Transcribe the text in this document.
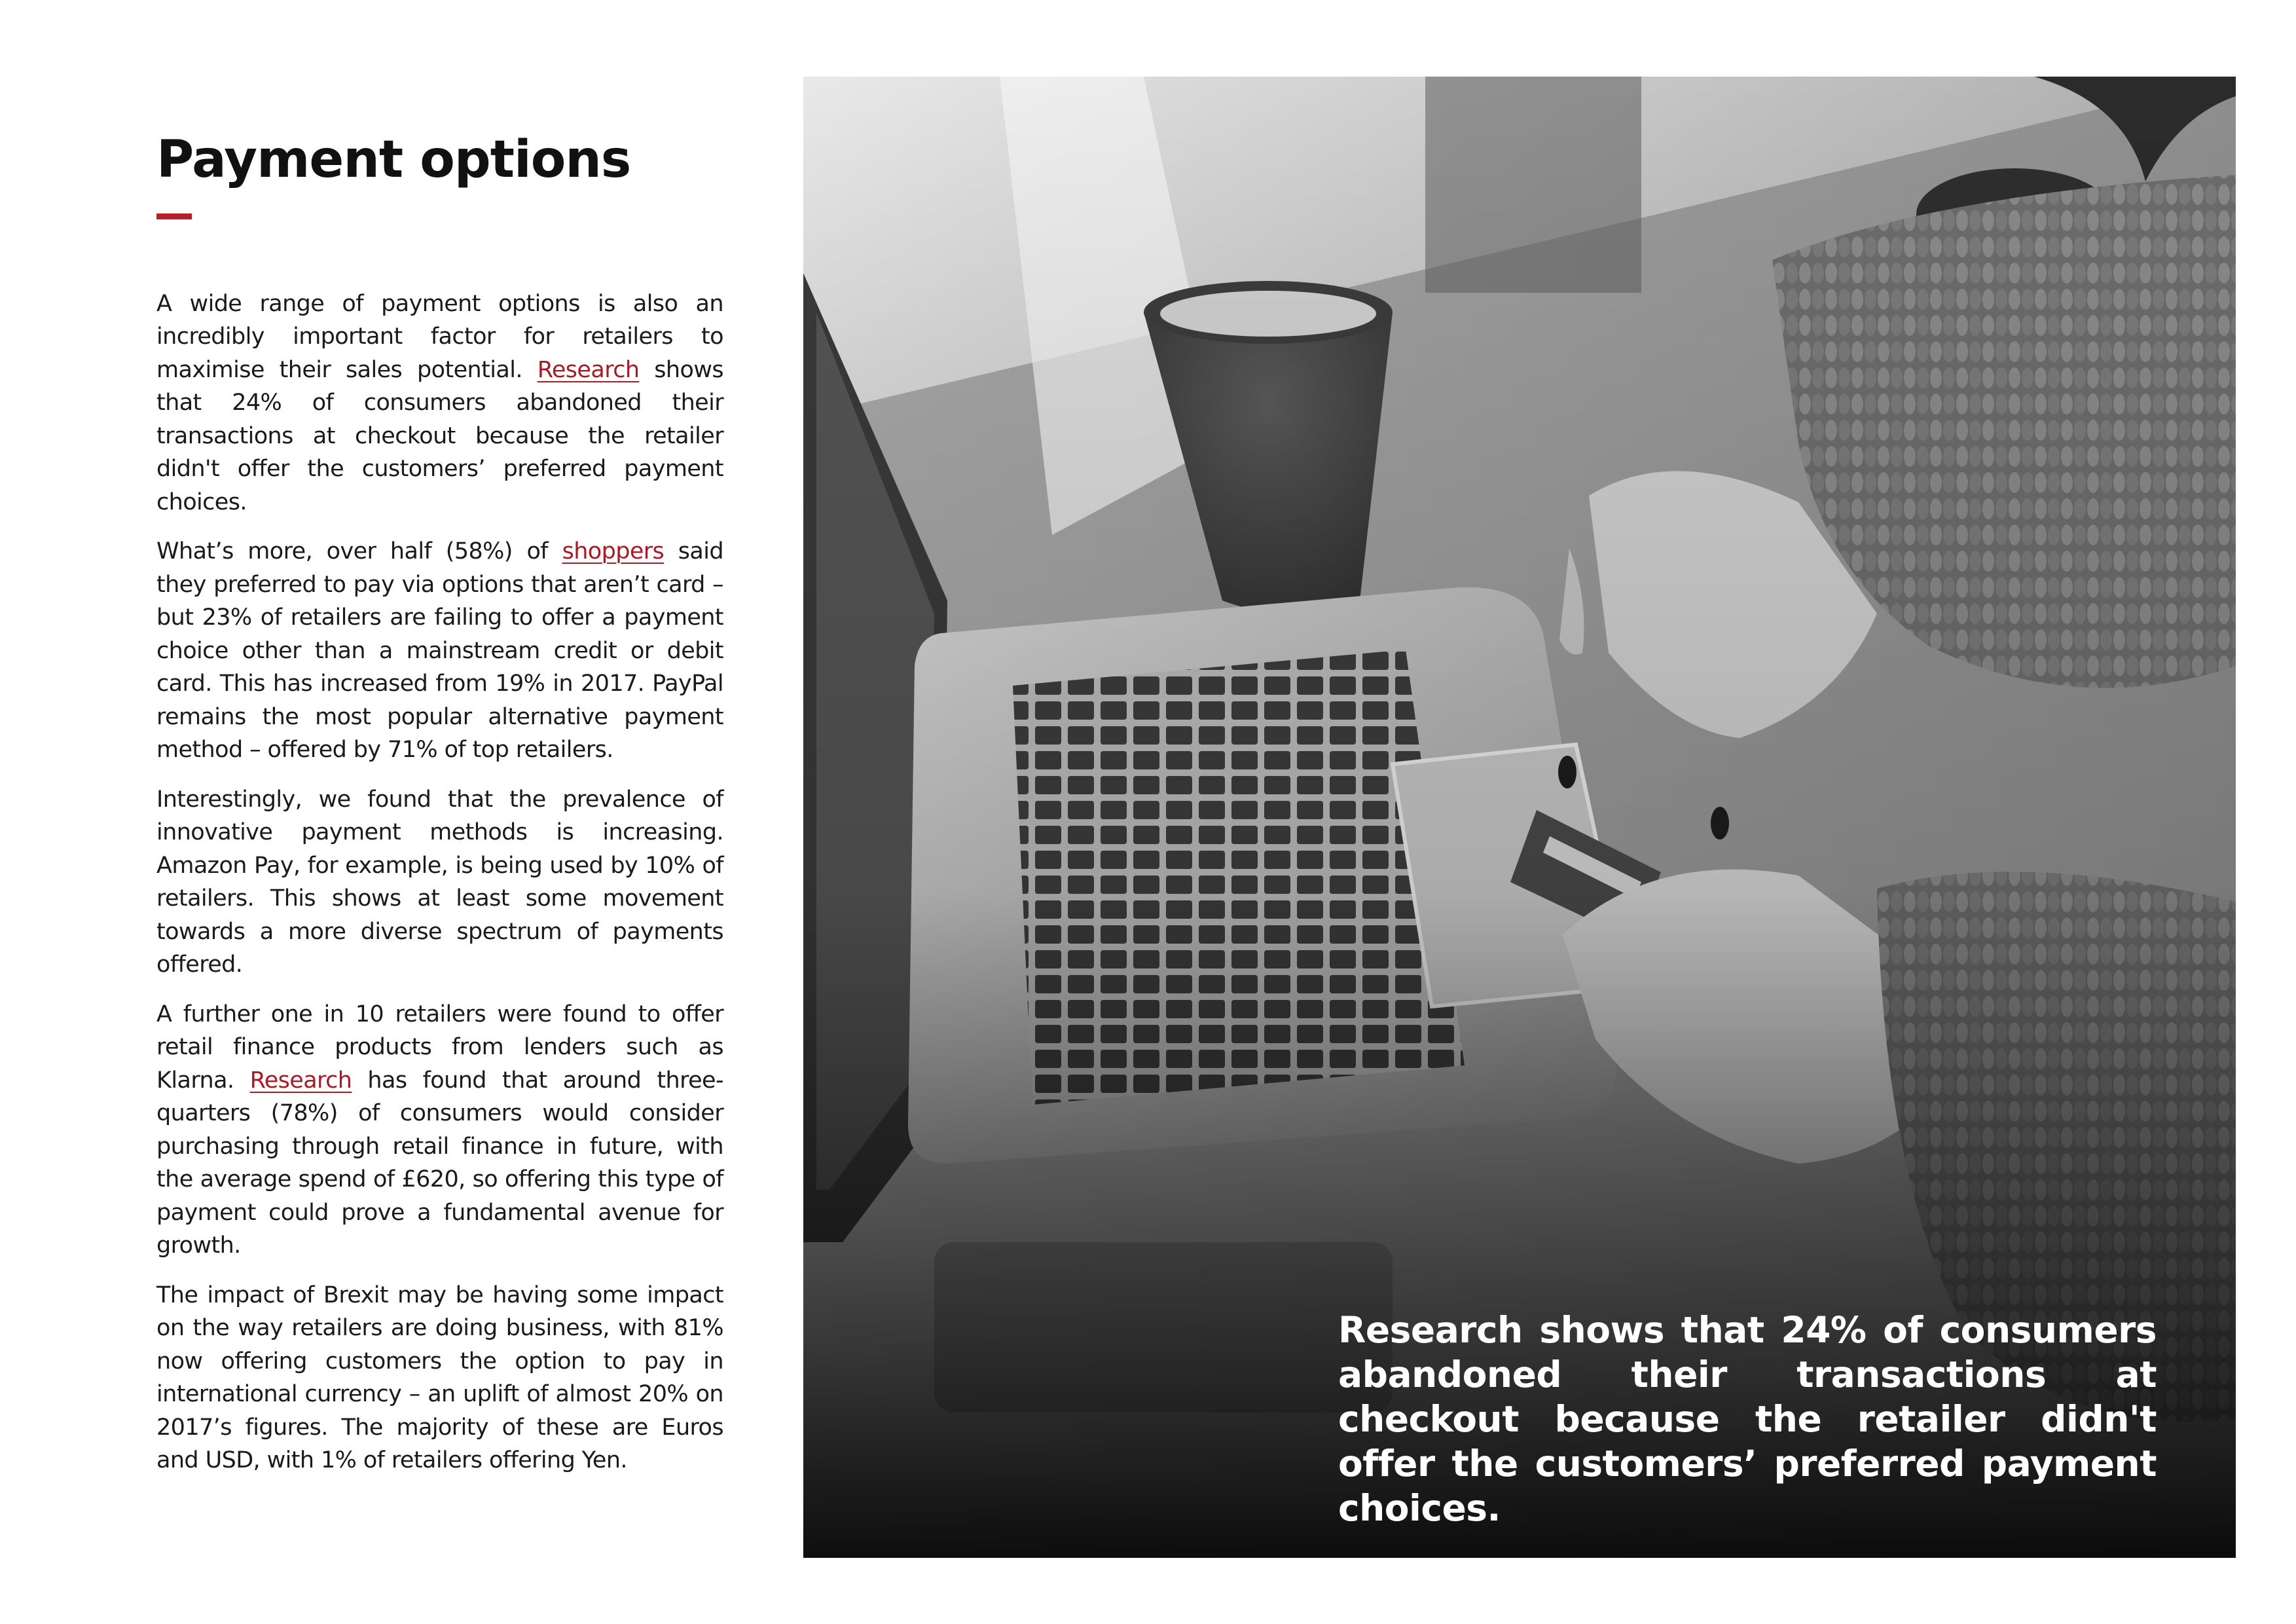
Payment options

A wide range of payment options is also an incredibly important factor for retailers to maximise their sales potential. Research shows that 24% of consumers abandoned their transactions at checkout because the retailer didn't offer the customers’ preferred payment choices.

What’s more, over half (58%) of shoppers said they preferred to pay via options that aren’t card – but 23% of retailers are failing to offer a payment choice other than a mainstream credit or debit card. This has increased from 19% in 2017. PayPal remains the most popular alternative payment method – offered by 71% of top retailers.

Interestingly, we found that the prevalence of innovative payment methods is increasing. Amazon Pay, for example, is being used by 10% of retailers. This shows at least some movement towards a more diverse spectrum of payments offered.

A further one in 10 retailers were found to offer retail finance products from lenders such as Klarna. Research has found that around three-quarters (78%) of consumers would consider purchasing through retail finance in future, with the average spend of £620, so offering this type of payment could prove a fundamental avenue for growth.

The impact of Brexit may be having some impact on the way retailers are doing business, with 81% now offering customers the option to pay in international currency – an uplift of almost 20% on 2017’s figures. The majority of these are Euros and USD, with 1% of retailers offering Yen.

Research shows that 24% of consumers abandoned their transactions at checkout because the retailer didn't offer the customers’ preferred payment choices.
